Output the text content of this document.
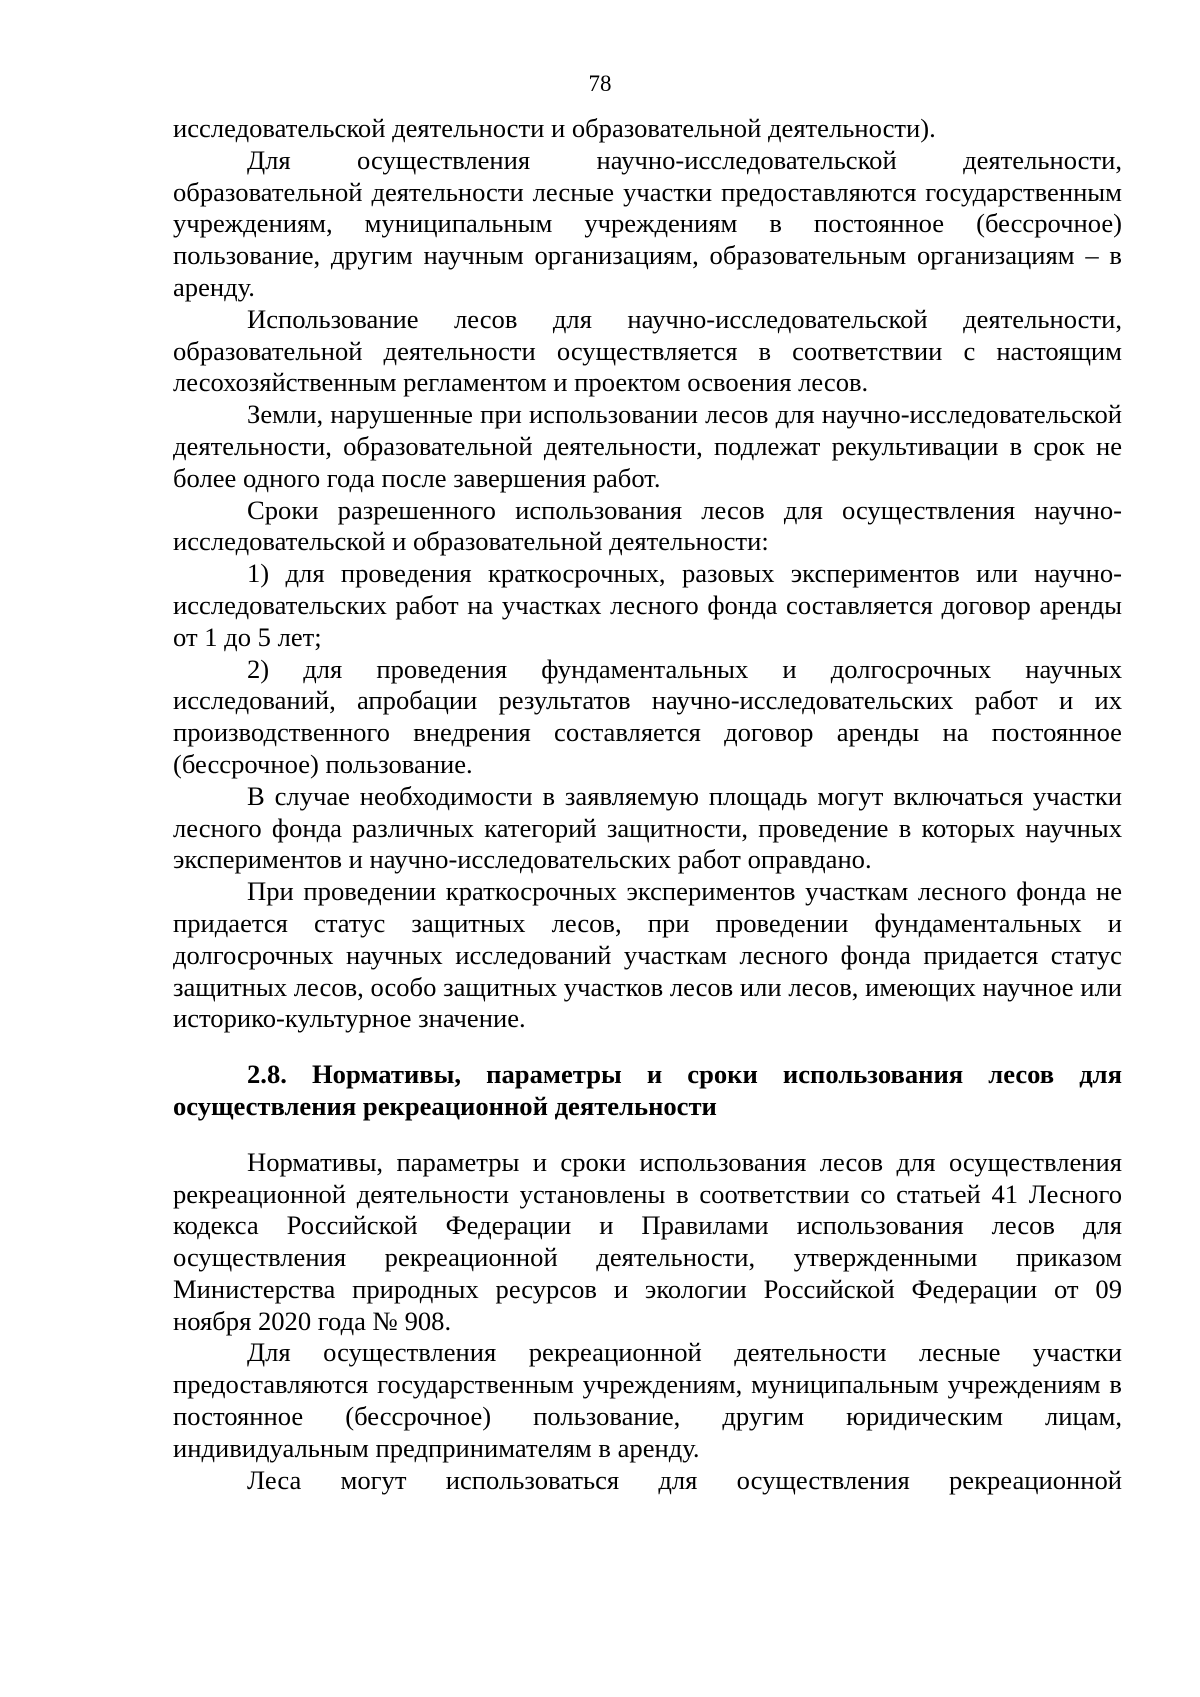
78

исследовательской деятельности и образовательной деятельности).

Для осуществления научно-исследовательской деятельности, образовательной деятельности лесные участки предоставляются государственным учреждениям, муниципальным учреждениям в постоянное (бессрочное) пользование, другим научным организациям, образовательным организациям – в аренду.

Использование лесов для научно-исследовательской деятельности, образовательной деятельности осуществляется в соответствии с настоящим лесохозяйственным регламентом и проектом освоения лесов.

Земли, нарушенные при использовании лесов для научно-исследовательской деятельности, образовательной деятельности, подлежат рекультивации в срок не более одного года после завершения работ.

Сроки разрешенного использования лесов для осуществления научно-исследовательской и образовательной деятельности:

1) для проведения краткосрочных, разовых экспериментов или научно-исследовательских работ на участках лесного фонда составляется договор аренды от 1 до 5 лет;

2) для проведения фундаментальных и долгосрочных научных исследований, апробации результатов научно-исследовательских работ и их производственного внедрения составляется договор аренды на постоянное (бессрочное) пользование.

В случае необходимости в заявляемую площадь могут включаться участки лесного фонда различных категорий защитности, проведение в которых научных экспериментов и научно-исследовательских работ оправдано.

При проведении краткосрочных экспериментов участкам лесного фонда не придается статус защитных лесов, при проведении фундаментальных и долгосрочных научных исследований участкам лесного фонда придается статус защитных лесов, особо защитных участков лесов или лесов, имеющих научное или историко-культурное значение.

2.8. Нормативы, параметры и сроки использования лесов для осуществления рекреационной деятельности

Нормативы, параметры и сроки использования лесов для осуществления рекреационной деятельности установлены в соответствии со статьей 41 Лесного кодекса Российской Федерации и Правилами использования лесов для осуществления рекреационной деятельности, утвержденными приказом Министерства природных ресурсов и экологии Российской Федерации от 09 ноября 2020 года № 908.

Для осуществления рекреационной деятельности лесные участки предоставляются государственным учреждениям, муниципальным учреждениям в постоянное (бессрочное) пользование, другим юридическим лицам, индивидуальным предпринимателям в аренду.

Леса могут использоваться для осуществления рекреационной
